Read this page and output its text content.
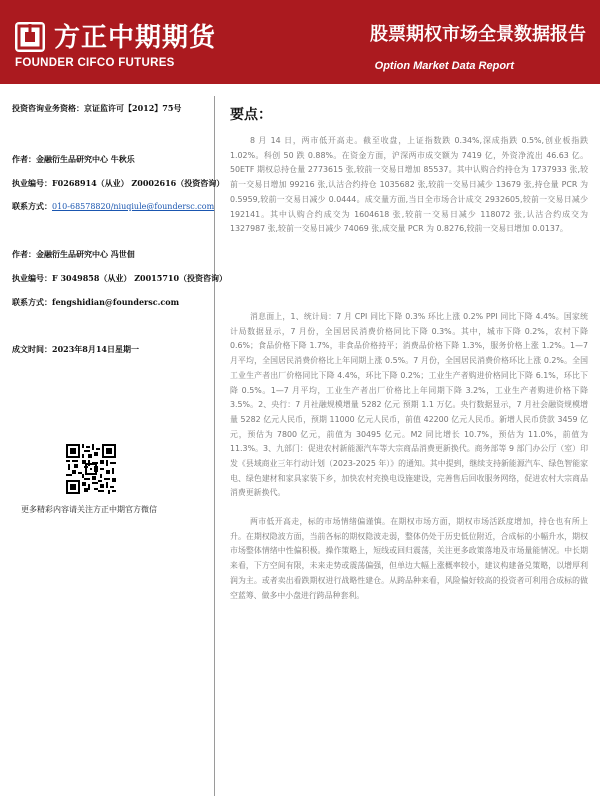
方正中期期货
FOUNDER CIFCO FUTURES
股票期权市场全景数据报告
Option Market Data Report
投资咨询业务资格：京证监许可【2012】75号
作者：金融衍生品研究中心 牛秋乐
执业编号：F0268914（从业） Z0002616（投资咨询）
联系方式：010-68578820/niuqiule@foundersc.com
作者：金融衍生品研究中心 冯世佃
执业编号：F 3049858（从业） Z0015710（投资咨询）
联系方式：fengshidian@foundersc.com
成文时间：2023年8月14日星期一
更多精彩内容请关注方正中期官方微信
要点：

8 月 14 日，两市低开高走。截至收盘，上证指数跌 0.34%,深成指跌 0.5%,创业板指跌 1.02%。科创 50 跌 0.88%。在资金方面，沪深两市成交额为 7419 亿，外资净流出 46.63 亿。50ETF 期权总持仓量 2773615 张,较前一交易日增加 85537。其中认购合约持仓为 1737933 张,较前一交易日增加 99216 张,认沽合约持仓 1035682 张,较前一交易日减少 13679 张,持仓量 PCR 为 0.5959,较前一交易日减少 0.0444。成交量方面,当日全市场合计成交 2932605,较前一交易日减少 192141。其中认购合约成交为 1604618 张,较前一交易日减少 118072 张,认沽合约成交为 1327987 张,较前一交易日减少 74069 张,成交量 PCR 为 0.8276,较前一交易日增加 0.0137。

消息面上，1、统计局：7 月 CPI 同比下降 0.3% 环比上涨 0.2% PPI 同比下降 4.4%。国家统计局数据显示，7 月份，全国居民消费价格同比下降 0.3%。其中，城市下降 0.2%，农村下降 0.6%；食品价格下降 1.7%，非食品价格持平；消费品价格下降 1.3%，服务价格上涨 1.2%。1—7 月平均，全国居民消费价格比上年同期上涨 0.5%。7 月份，全国居民消费价格环比上涨 0.2%。全国工业生产者出厂价格同比下降 4.4%，环比下降 0.2%；工业生产者购进价格同比下降 6.1%，环比下降 0.5%。1—7 月平均，工业生产者出厂价格比上年同期下降 3.2%，工业生产者购进价格下降 3.5%。2、央行：7 月社融规模增量 5282 亿元 预期 1.1 万亿。央行数据显示，7 月社会融资规模增量 5282 亿元人民币，预期 11000 亿元人民币，前值 42200 亿元人民币。新增人民币贷款 3459 亿元，预估为 7800 亿元，前值为 30495 亿元。M2 同比增长 10.7%，预估为 11.0%，前值为 11.3%。3、九部门：促进农村新能源汽车等大宗商品消费更新换代。商务部等 9 部门办公厅（室）印发《县域商业三年行动计划（2023-2025 年）》的通知。其中提到，继续支持新能源汽车、绿色智能家电、绿色建材和家具家装下乡，加快农村充换电设施建设，完善售后回收服务网络，促进农村大宗商品消费更新换代。

两市低开高走，标的市场情绪偏谨慎。在期权市场方面，期权市场活跃度增加，持仓也有所上升。在期权隐波方面，当前各标的期权隐波走弱，整体仍处于历史低位附近，合成标的小幅升水，期权市场整体情绪中性偏积极。操作策略上，短线或回归震荡，关注更多政策落地及市场量能情况。中长期来看，下方空间有限，未来走势或震荡偏强，但单边大幅上涨概率较小，建议构建备兑策略，以增厚利润为主。或者卖出看跌期权进行战略性建仓。从跨品种来看，风险偏好较高的投资者可利用合成标的做空蓝筹、做多中小盘进行跨品种套利。
